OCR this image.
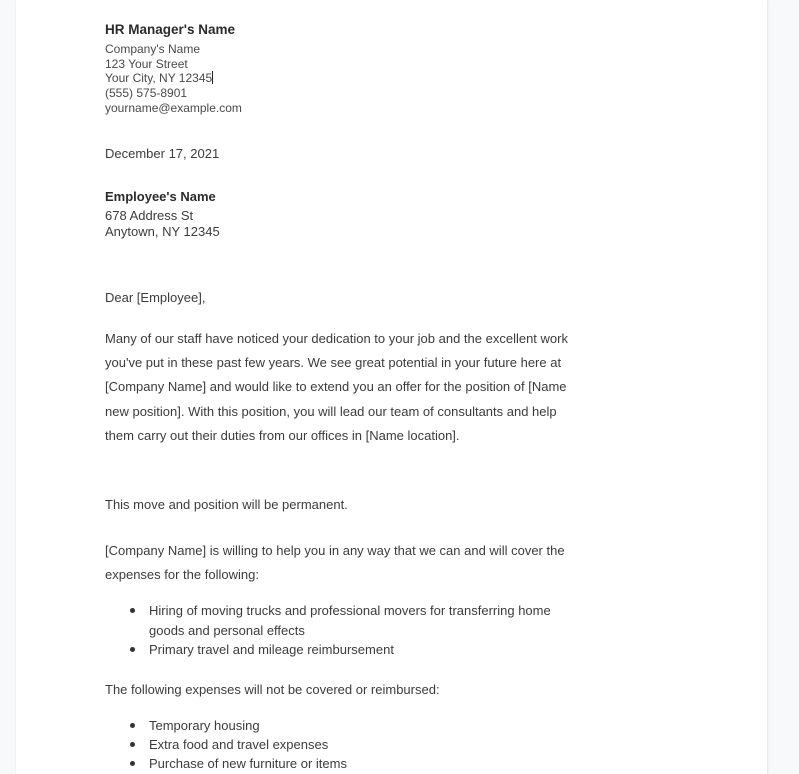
HR Manager's Name
Company's Name
123 Your Street
Your City, NY 12345
(555) 575-8901
yourname@example.com
December 17, 2021
Employee's Name
678 Address St
Anytown, NY 12345
Dear [Employee],
Many of our staff have noticed your dedication to your job and the excellent work you've put in these past few years. We see great potential in your future here at [Company Name] and would like to extend you an offer for the position of [Name new position]. With this position, you will lead our team of consultants and help them carry out their duties from our offices in [Name location].
This move and position will be permanent.
[Company Name] is willing to help you in any way that we can and will cover the expenses for the following:
Hiring of moving trucks and professional movers for transferring home goods and personal effects
Primary travel and mileage reimbursement
The following expenses will not be covered or reimbursed:
Temporary housing
Extra food and travel expenses
Purchase of new furniture or items
